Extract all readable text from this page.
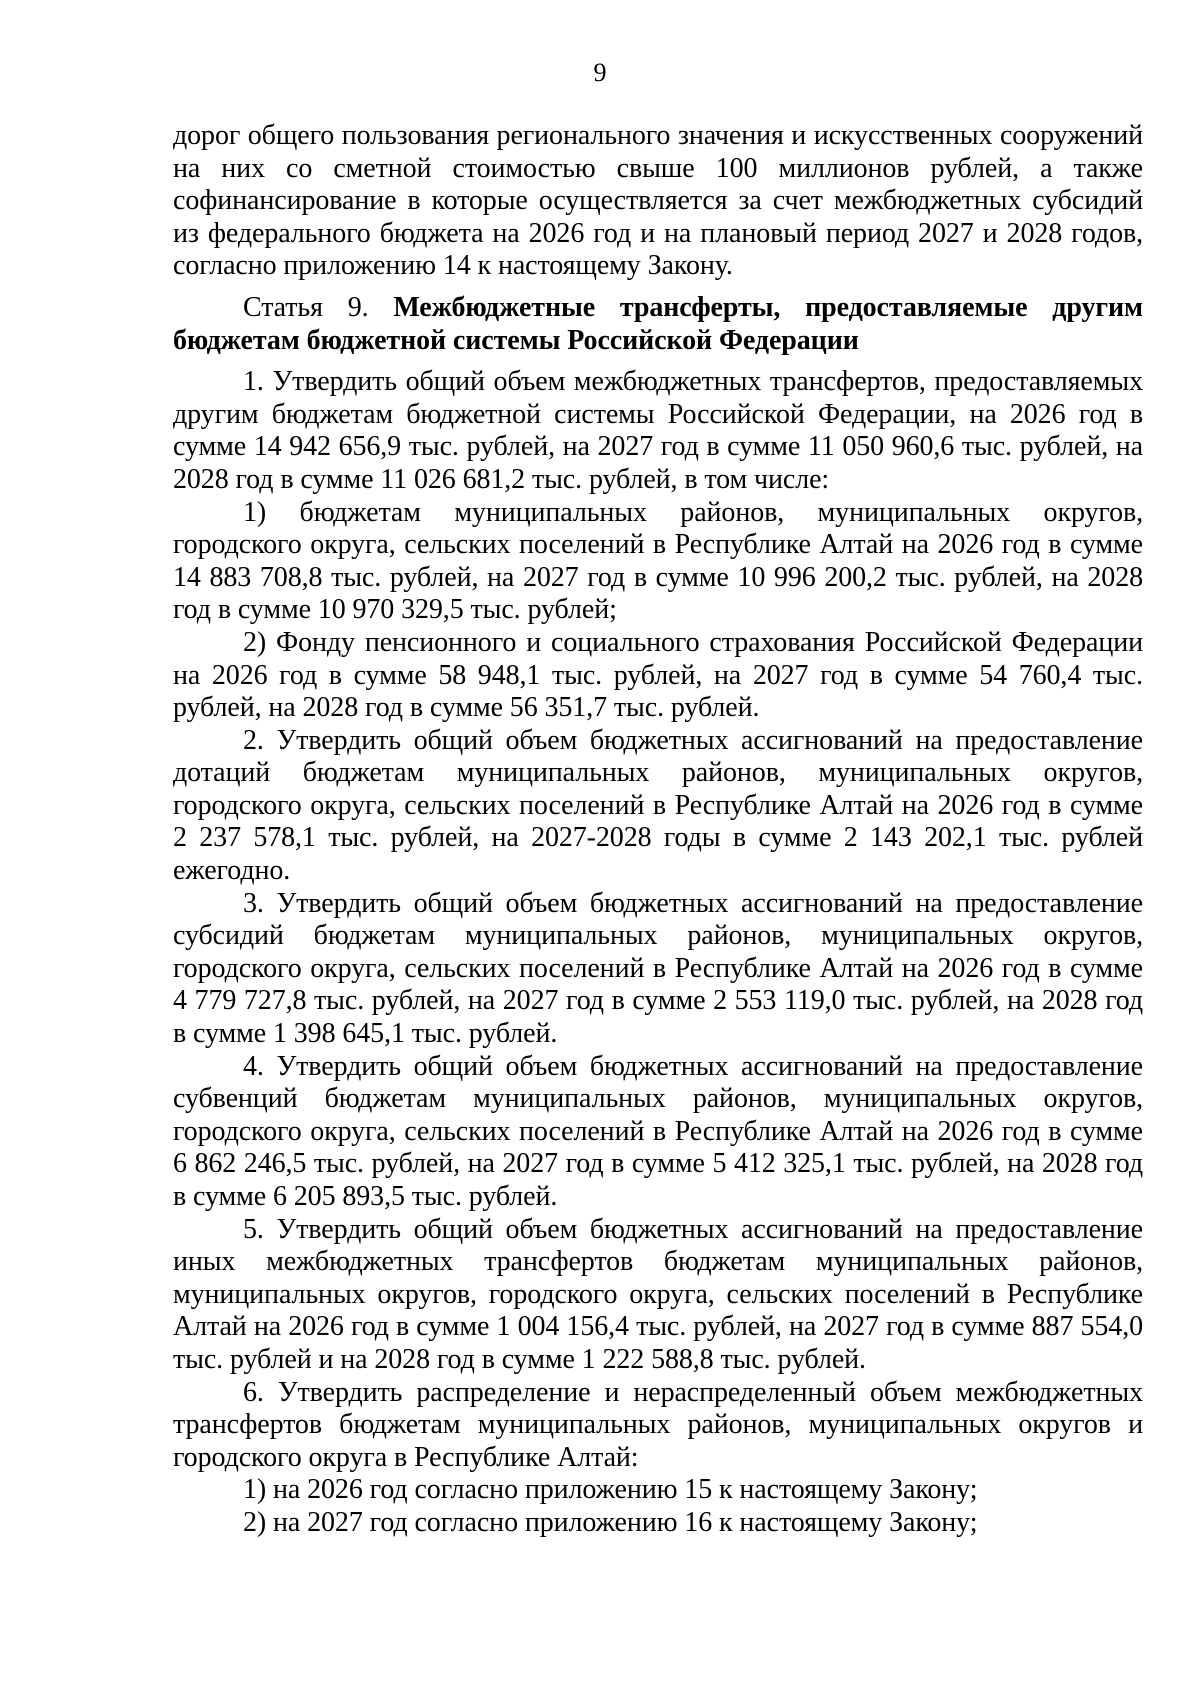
9

дорог общего пользования регионального значения и искусственных сооружений на них со сметной стоимостью свыше 100 миллионов рублей, а также софинансирование в которые осуществляется за счет межбюджетных субсидий из федерального бюджета на 2026 год и на плановый период 2027 и 2028 годов, согласно приложению 14 к настоящему Закону.

Статья 9. Межбюджетные трансферты, предоставляемые другим бюджетам бюджетной системы Российской Федерации

1. Утвердить общий объем межбюджетных трансфертов, предоставляемых другим бюджетам бюджетной системы Российской Федерации, на 2026 год в сумме 14 942 656,9 тыс. рублей, на 2027 год в сумме 11 050 960,6 тыс. рублей, на 2028 год в сумме 11 026 681,2 тыс. рублей, в том числе:

1) бюджетам муниципальных районов, муниципальных округов, городского округа, сельских поселений в Республике Алтай на 2026 год в сумме 14 883 708,8 тыс. рублей, на 2027 год в сумме 10 996 200,2 тыс. рублей, на 2028 год в сумме 10 970 329,5 тыс. рублей;

2) Фонду пенсионного и социального страхования Российской Федерации на 2026 год в сумме 58 948,1 тыс. рублей, на 2027 год в сумме 54 760,4 тыс. рублей, на 2028 год в сумме 56 351,7 тыс. рублей.

2. Утвердить общий объем бюджетных ассигнований на предоставление дотаций бюджетам муниципальных районов, муниципальных округов, городского округа, сельских поселений в Республике Алтай на 2026 год в сумме 2 237 578,1 тыс. рублей, на 2027-2028 годы в сумме 2 143 202,1 тыс. рублей ежегодно.

3. Утвердить общий объем бюджетных ассигнований на предоставление субсидий бюджетам муниципальных районов, муниципальных округов, городского округа, сельских поселений в Республике Алтай на 2026 год в сумме 4 779 727,8 тыс. рублей, на 2027 год в сумме 2 553 119,0 тыс. рублей, на 2028 год в сумме 1 398 645,1 тыс. рублей.

4. Утвердить общий объем бюджетных ассигнований на предоставление субвенций бюджетам муниципальных районов, муниципальных округов, городского округа, сельских поселений в Республике Алтай на 2026 год в сумме 6 862 246,5 тыс. рублей, на 2027 год в сумме 5 412 325,1 тыс. рублей, на 2028 год в сумме 6 205 893,5 тыс. рублей.

5. Утвердить общий объем бюджетных ассигнований на предоставление иных межбюджетных трансфертов бюджетам муниципальных районов, муниципальных округов, городского округа, сельских поселений в Республике Алтай на 2026 год в сумме 1 004 156,4 тыс. рублей, на 2027 год в сумме 887 554,0 тыс. рублей и на 2028 год в сумме 1 222 588,8 тыс. рублей.

6. Утвердить распределение и нераспределенный объем межбюджетных трансфертов бюджетам муниципальных районов, муниципальных округов и городского округа в Республике Алтай:

1) на 2026 год согласно приложению 15 к настоящему Закону;

2) на 2027 год согласно приложению 16 к настоящему Закону;
